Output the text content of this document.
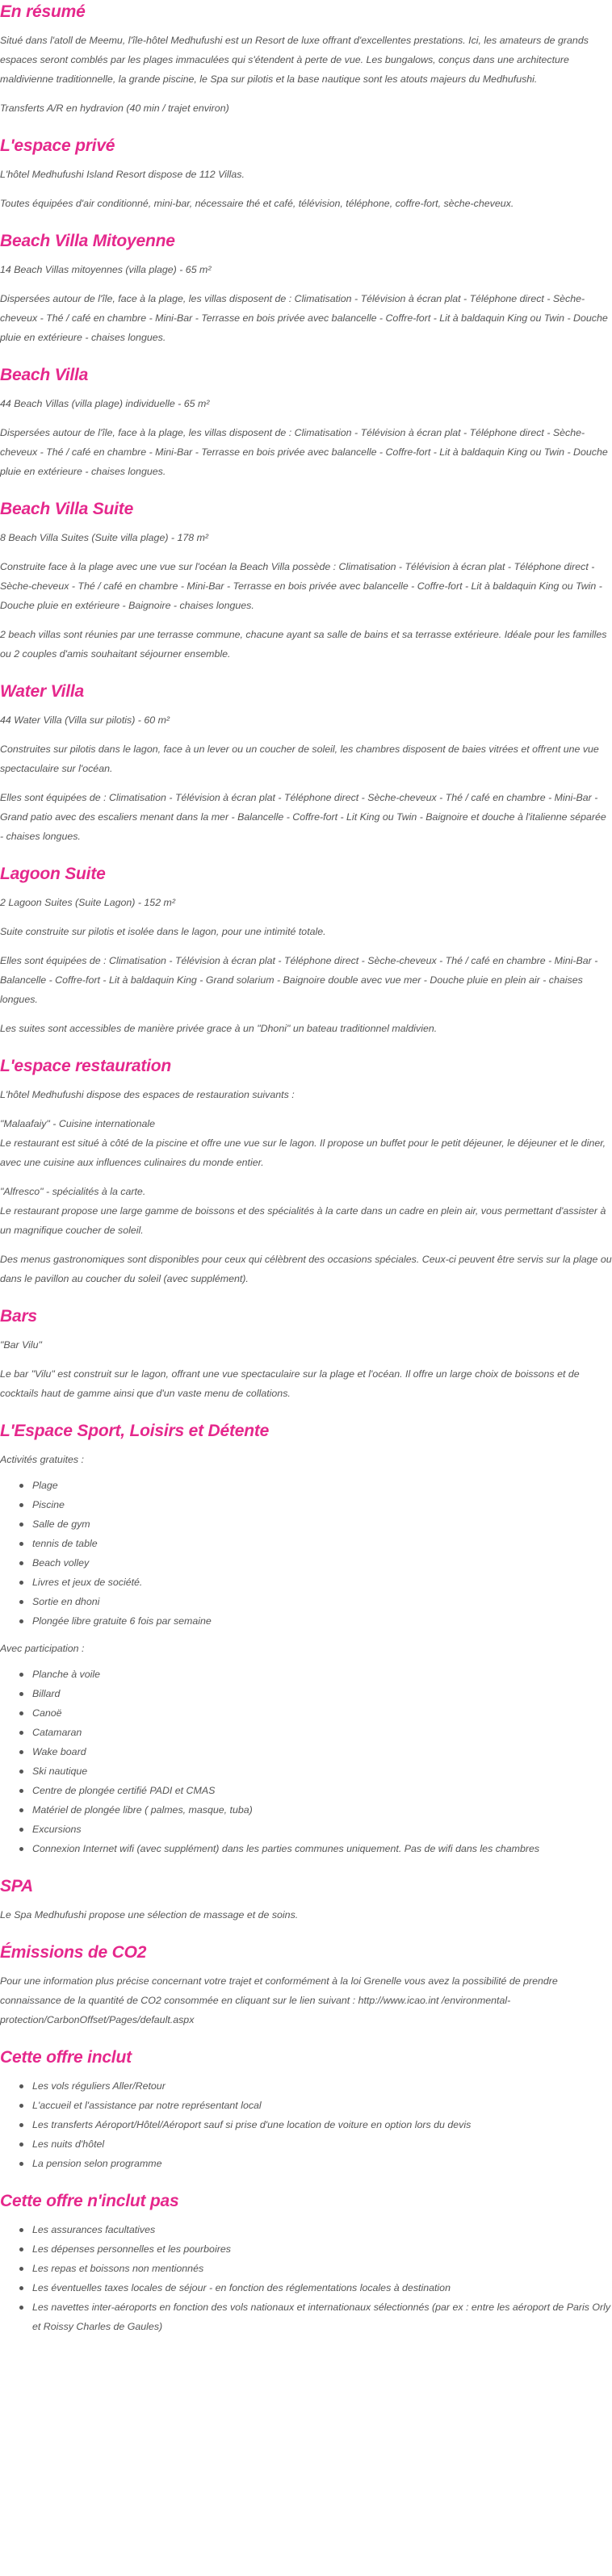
En résumé

Situé dans l'atoll de Meemu, l'île-hôtel Medhufushi est un Resort de luxe offrant d'excellentes prestations. Ici, les amateurs de grands espaces seront comblés par les plages immaculées qui s'étendent à perte de vue. Les bungalows, conçus dans une architecture maldivienne traditionnelle, la grande piscine, le Spa sur pilotis et la base nautique sont les atouts majeurs du Medhufushi.

Transferts A/R en hydravion (40 min / trajet environ)

L'espace privé

L'hôtel Medhufushi Island Resort dispose de 112 Villas.

Toutes équipées d'air conditionné, mini-bar, nécessaire thé et café, télévision, téléphone, coffre-fort, sèche-cheveux.

Beach Villa Mitoyenne

14 Beach Villas mitoyennes (villa plage) - 65 m²

Dispersées autour de l'île, face à la plage, les villas disposent de : Climatisation - Télévision à écran plat - Téléphone direct - Sèche-cheveux - Thé / café en chambre - Mini-Bar - Terrasse en bois privée avec balancelle - Coffre-fort - Lit à baldaquin King ou Twin - Douche pluie en extérieure - chaises longues.

Beach Villa

44 Beach Villas (villa plage) individuelle - 65 m²

Dispersées autour de l'île, face à la plage, les villas disposent de : Climatisation - Télévision à écran plat - Téléphone direct - Sèche-cheveux - Thé / café en chambre - Mini-Bar - Terrasse en bois privée avec balancelle - Coffre-fort - Lit à baldaquin King ou Twin - Douche pluie en extérieure - chaises longues.

Beach Villa Suite

8 Beach Villa Suites (Suite villa plage) - 178 m²

Construite face à la plage avec une vue sur l'océan la Beach Villa possède : Climatisation - Télévision à écran plat - Téléphone direct - Sèche-cheveux - Thé / café en chambre - Mini-Bar - Terrasse en bois privée avec balancelle - Coffre-fort - Lit à baldaquin King ou Twin - Douche pluie en extérieure - Baignoire - chaises longues.

2 beach villas sont réunies par une terrasse commune, chacune ayant sa salle de bains et sa terrasse extérieure. Idéale pour les familles ou 2 couples d'amis souhaitant séjourner ensemble.

Water Villa

44 Water Villa (Villa sur pilotis) - 60 m²

Construites sur pilotis dans le lagon, face à un lever ou un coucher de soleil, les chambres disposent de baies vitrées et offrent une vue spectaculaire sur l'océan.

Elles sont équipées de : Climatisation - Télévision à écran plat - Téléphone direct - Sèche-cheveux - Thé / café en chambre - Mini-Bar - Grand patio avec des escaliers menant dans la mer - Balancelle - Coffre-fort - Lit King ou Twin - Baignoire et douche à l'italienne séparée - chaises longues.

Lagoon Suite

2 Lagoon Suites (Suite Lagon) - 152 m²

Suite construite sur pilotis et isolée dans le lagon, pour une intimité totale.

Elles sont équipées de : Climatisation - Télévision à écran plat - Téléphone direct - Sèche-cheveux - Thé / café en chambre - Mini-Bar - Balancelle - Coffre-fort - Lit à baldaquin King - Grand solarium - Baignoire double avec vue mer - Douche pluie en plein air - chaises longues.

Les suites sont accessibles de manière privée grace à un "Dhoni" un bateau traditionnel maldivien.

L'espace restauration

L'hôtel Medhufushi dispose des espaces de restauration suivants :

"Malaafaiy" - Cuisine internationale
Le restaurant est situé à côté de la piscine et offre une vue sur le lagon. Il propose un buffet pour le petit déjeuner, le déjeuner et le diner, avec une cuisine aux influences culinaires du monde entier.

"Alfresco" - spécialités à la carte.
Le restaurant propose une large gamme de boissons et des spécialités à la carte dans un cadre en plein air, vous permettant d'assister à un magnifique coucher de soleil.

Des menus gastronomiques sont disponibles pour ceux qui célèbrent des occasions spéciales. Ceux-ci peuvent être servis sur la plage ou dans le pavillon au coucher du soleil (avec supplément).

Bars

"Bar Vilu"

Le bar "Vilu" est construit sur le lagon, offrant une vue spectaculaire sur la plage et l'océan. Il offre un large choix de boissons et de cocktails haut de gamme ainsi que d'un vaste menu de collations.

L'Espace Sport, Loisirs et Détente

Activités gratuites :

Plage
Piscine
Salle de gym
tennis de table
Beach volley
Livres et jeux de société.
Sortie en dhoni
Plongée libre gratuite 6 fois par semaine

Avec participation :

Planche à voile
Billard
Canoë
Catamaran
Wake board
Ski nautique
Centre de plongée certifié PADI et CMAS
Matériel de plongée libre ( palmes, masque, tuba)
Excursions
Connexion Internet wifi (avec supplément) dans les parties communes uniquement. Pas de wifi dans les chambres
SPA

Le Spa Medhufushi propose une sélection de massage et de soins.

Émissions de CO2

Pour une information plus précise concernant votre trajet et conformément à la loi Grenelle vous avez la possibilité de prendre connaissance de la quantité de CO2 consommée en cliquant sur le lien suivant : http://www.icao.int /environmental-protection/CarbonOffset/Pages/default.aspx

Cette offre inclut
Les vols réguliers Aller/Retour
L'accueil et l'assistance par notre représentant local
Les transferts Aéroport/Hôtel/Aéroport sauf si prise d'une location de voiture en option lors du devis
Les nuits d'hôtel
La pension selon programme
Cette offre n'inclut pas
Les assurances facultatives
Les dépenses personnelles et les pourboires
Les repas et boissons non mentionnés
Les éventuelles taxes locales de séjour - en fonction des réglementations locales à destination
Les navettes inter-aéroports en fonction des vols nationaux et internationaux sélectionnés (par ex : entre les aéroport de Paris Orly et Roissy Charles de Gaules)
